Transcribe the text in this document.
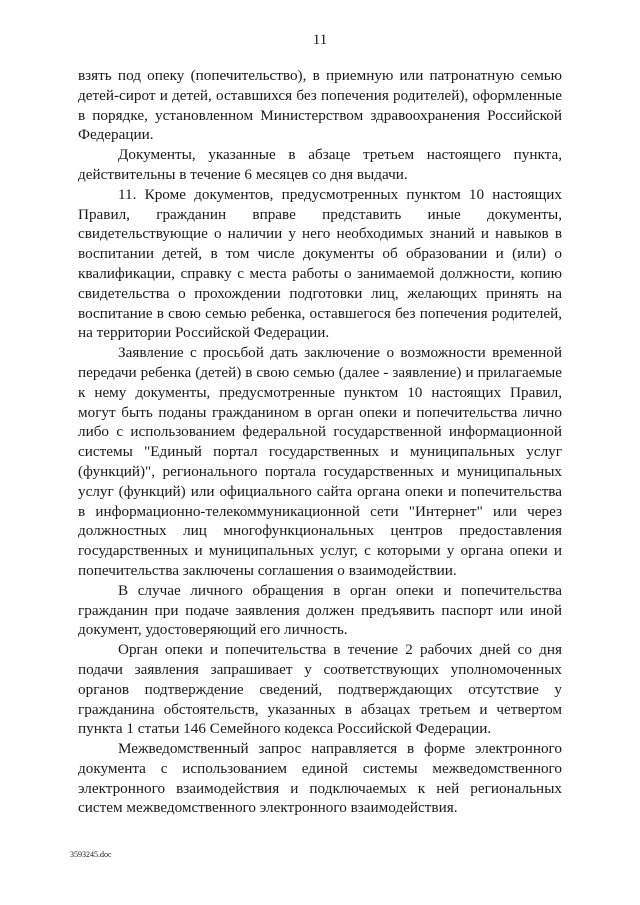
11

взять под опеку (попечительство), в приемную или патронатную семью детей-сирот и детей, оставшихся без попечения родителей), оформленные в порядке, установленном Министерством здравоохранения Российской Федерации.

Документы, указанные в абзаце третьем настоящего пункта, действительны в течение 6 месяцев со дня выдачи.

11. Кроме документов, предусмотренных пунктом 10 настоящих Правил, гражданин вправе представить иные документы, свидетельствующие о наличии у него необходимых знаний и навыков в воспитании детей, в том числе документы об образовании и (или) о квалификации, справку с места работы о занимаемой должности, копию свидетельства о прохождении подготовки лиц, желающих принять на воспитание в свою семью ребенка, оставшегося без попечения родителей, на территории Российской Федерации.

Заявление с просьбой дать заключение о возможности временной передачи ребенка (детей) в свою семью (далее - заявление) и прилагаемые к нему документы, предусмотренные пунктом 10 настоящих Правил, могут быть поданы гражданином в орган опеки и попечительства лично либо с использованием федеральной государственной информационной системы "Единый портал государственных и муниципальных услуг (функций)", регионального портала государственных и муниципальных услуг (функций) или официального сайта органа опеки и попечительства в информационно-телекоммуникационной сети "Интернет" или через должностных лиц многофункциональных центров предоставления государственных и муниципальных услуг, с которыми у органа опеки и попечительства заключены соглашения о взаимодействии.

В случае личного обращения в орган опеки и попечительства гражданин при подаче заявления должен предъявить паспорт или иной документ, удостоверяющий его личность.

Орган опеки и попечительства в течение 2 рабочих дней со дня подачи заявления запрашивает у соответствующих уполномоченных органов подтверждение сведений, подтверждающих отсутствие у гражданина обстоятельств, указанных в абзацах третьем и четвертом пункта 1 статьи 146 Семейного кодекса Российской Федерации.

Межведомственный запрос направляется в форме электронного документа с использованием единой системы межведомственного электронного взаимодействия и подключаемых к ней региональных систем межведомственного электронного взаимодействия.

3593245.doc
